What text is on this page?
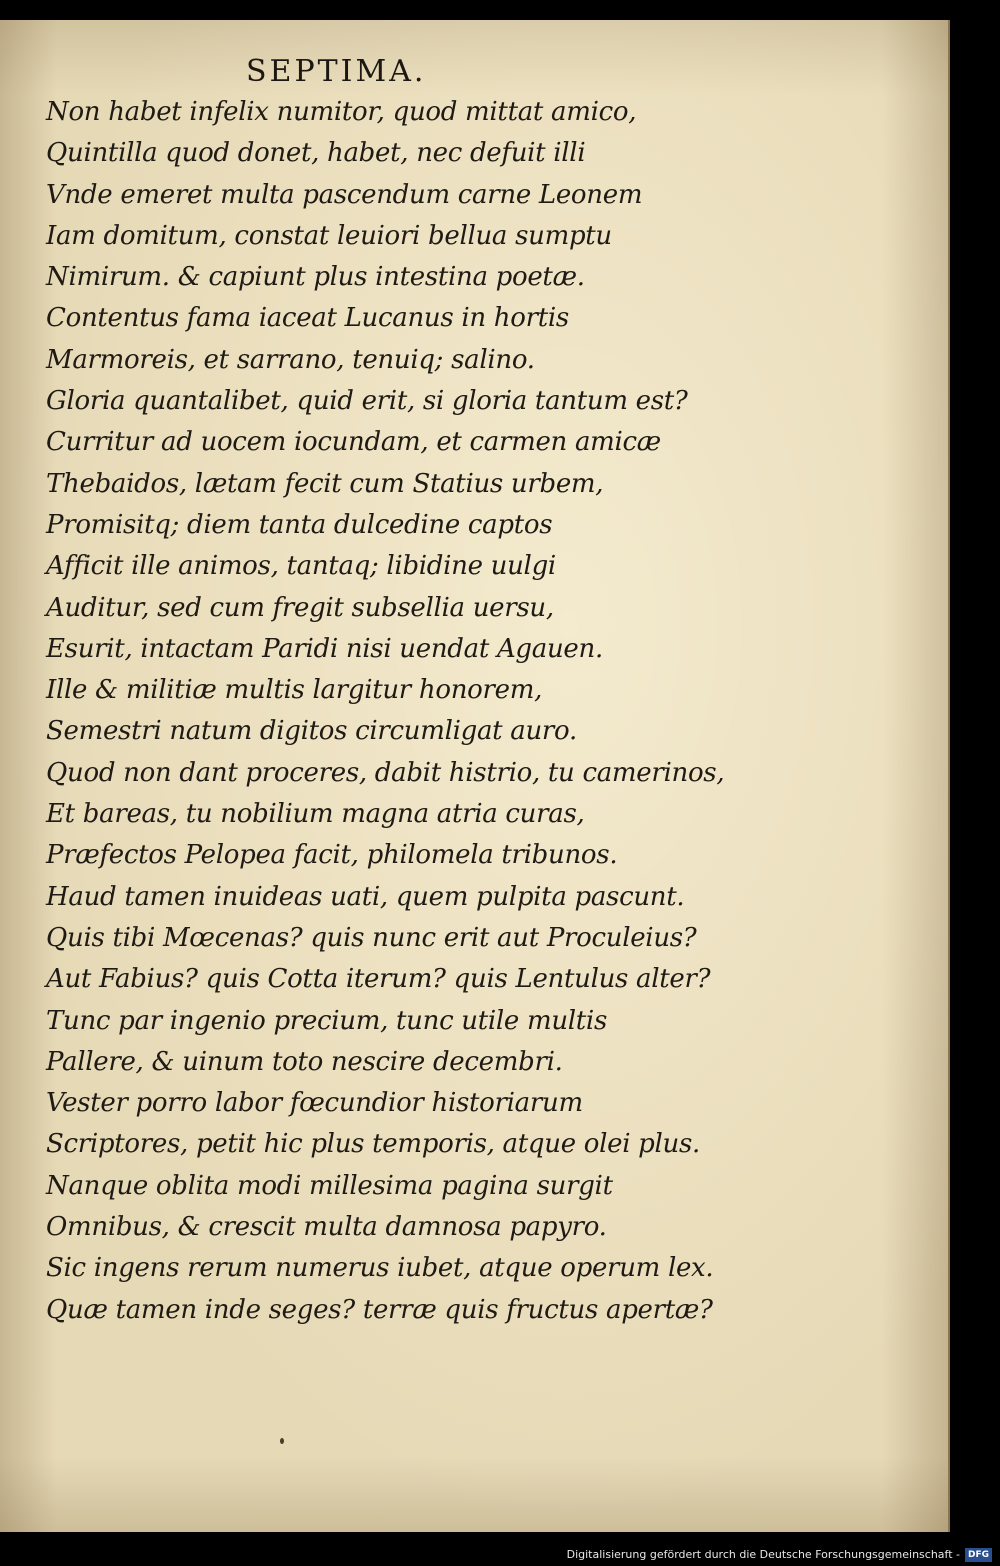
SEPTIMA.
Non habet infelix numitor, quod mittat amico,
Quintilla quod donet, habet, nec defuit illi
Vnde emeret multa pascendum carne Leonem
Iam domitum, constat leuiori bellua sumptu
Nimirum. & capiunt plus intestina poetæ.
Contentus fama iaceat Lucanus in hortis
Marmoreis, et sarrano, tenuiq; salino.
Gloria quantalibet, quid erit, si gloria tantum est?
Curritur ad uocem iocundam, et carmen amicæ
Thebaidos, lætam fecit cum Statius urbem,
Promisitq; diem tanta dulcedine captos
Afficit ille animos, tantaq; libidine uulgi
Auditur, sed cum fregit subsellia uersu,
Esurit, intactam Paridi nisi uendat Agauen.
Ille & militiæ multis largitur honorem,
Semestri natum digitos circumligat auro.
Quod non dant proceres, dabit histrio, tu camerinos,
Et bareas, tu nobilium magna atria curas,
Præfectos Pelopea facit, philomela tribunos.
Haud tamen inuideas uati, quem pulpita pascunt.
Quis tibi Mœcenas? quis nunc erit aut Proculeius?
Aut Fabius? quis Cotta iterum? quis Lentulus alter?
Tunc par ingenio precium, tunc utile multis
Pallere, & uinum toto nescire decembri.
Vester porro labor fœcundior historiarum
Scriptores, petit hic plus temporis, atque olei plus.
Nanque oblita modi millesima pagina surgit
Omnibus, & crescit multa damnosa papyro.
Sic ingens rerum numerus iubet, atque operum lex.
Quæ tamen inde seges? terræ quis fructus apertæ?
Digitalisierung gefördert durch die Deutsche Forschungsgemeinschaft - DFG
